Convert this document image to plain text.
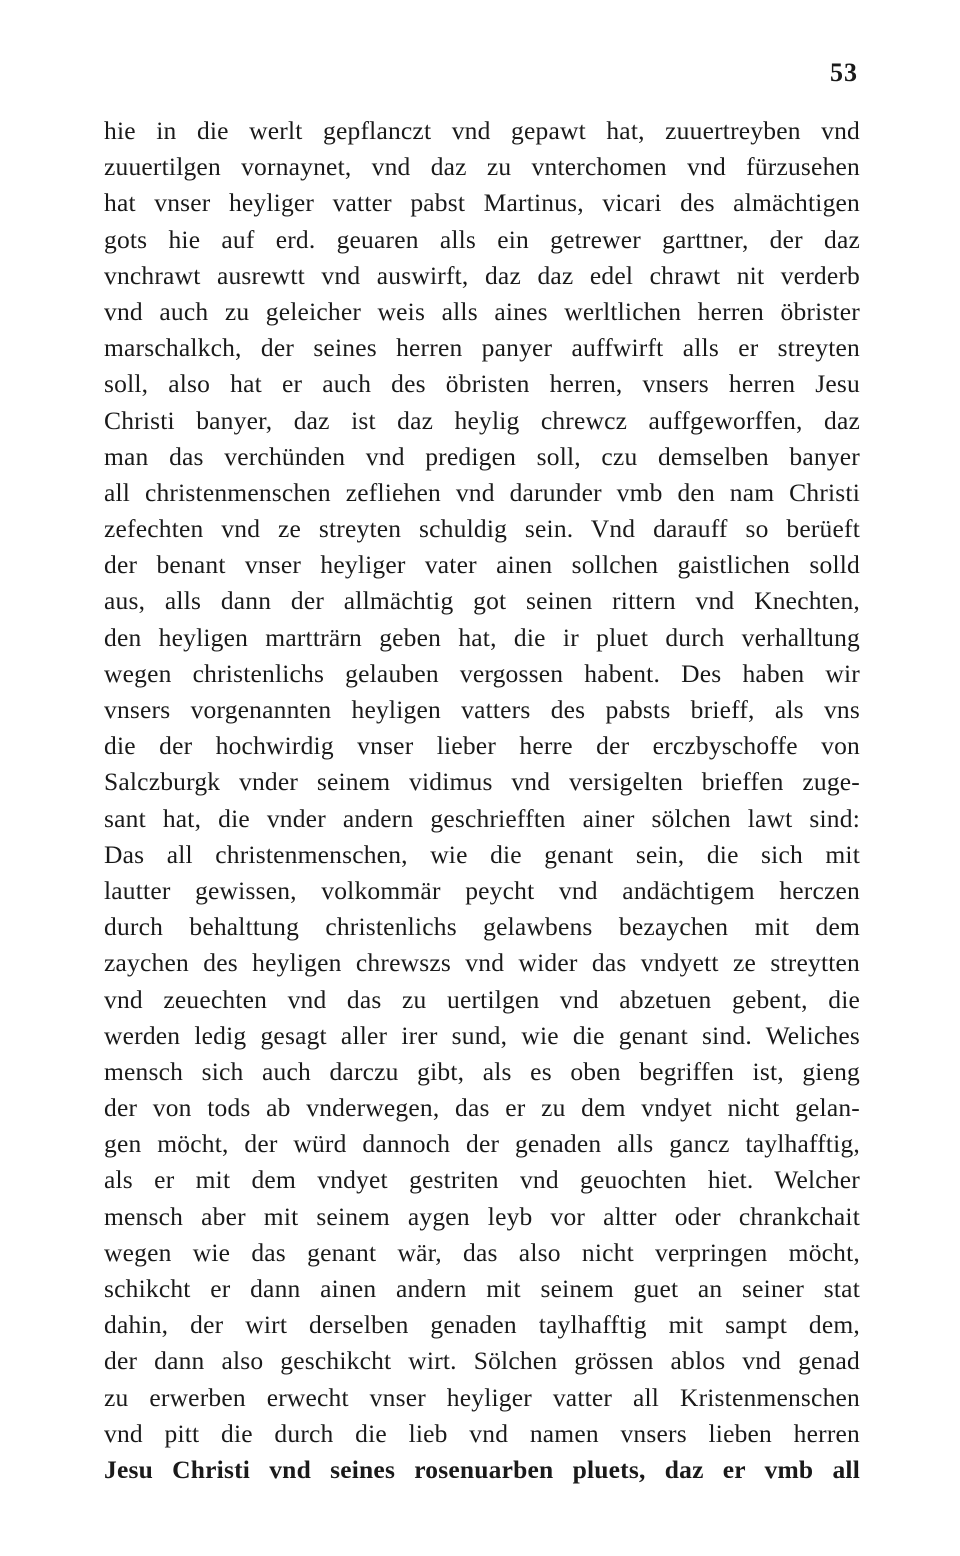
53
hie in die werlt gepflanczt vnd gepawt hat, zuuertreyben vnd
zuuertilgen vornaynet, vnd daz zu vnterchomen vnd fürzusehen
hat vnser heyliger vatter pabst Martinus, vicari des almächtigen
gots hie auf erd. geuaren alls ein getrewer garttner, der daz
vnchrawt ausrewtt vnd auswirft, daz daz edel chrawt nit verderb
vnd auch zu geleicher weis alls aines werltlichen herren öbrister
marschalkch, der seines herren panyer auffwirft alls er streyten
soll, also hat er auch des öbristen herren, vnsers herren Jesu
Christi banyer, daz ist daz heylig chrewcz auffgeworffen, daz
man das verchünden vnd predigen soll, czu demselben banyer
all christenmenschen zefliehen vnd darunder vmb den nam Christi
zefechten vnd ze streyten schuldig sein. Vnd darauff so berüeft
der benant vnser heyliger vater ainen sollchen gaistlichen solld
aus, alls dann der allmächtig got seinen rittern vnd Knechten,
den heyligen martträrn geben hat, die ir pluet durch verhalltung
wegen christenlichs gelauben vergossen habent. Des haben wir
vnsers vorgenannten heyligen vatters des pabsts brieff, als vns
die der hochwirdig vnser lieber herre der erczbyschoffe von
Salczburgk vnder seinem vidimus vnd versigelten brieffen zuge-
sant hat, die vnder andern geschriefften ainer sölchen lawt sind:
Das all christenmenschen, wie die genant sein, die sich mit
lautter gewissen, volkommär peycht vnd andächtigem herczen
durch behalttung christenlichs gelawbens bezaychen mit dem
zaychen des heyligen chrewszs vnd wider das vndyett ze streytten
vnd zeuechten vnd das zu uertilgen vnd abzetuen gebent, die
werden ledig gesagt aller irer sund, wie die genant sind. Weliches
mensch sich auch darczu gibt, als es oben begriffen ist, gieng
der von tods ab vnderwegen, das er zu dem vndyet nicht gelan-
gen möcht, der würd dannoch der genaden alls gancz taylhafftig,
als er mit dem vndyet gestriten vnd geuochten hiet. Welcher
mensch aber mit seinem aygen leyb vor altter oder chrankchait
wegen wie das genant wär, das also nicht verpringen möcht,
schikcht er dann ainen andern mit seinem guet an seiner stat
dahin, der wirt derselben genaden taylhafftig mit sampt dem,
der dann also geschikcht wirt. Sölchen grössen ablos vnd genad
zu erwerben erwecht vnser heyliger vatter all Kristenmenschen
vnd pitt die durch die lieb vnd namen vnsers lieben herren
Jesu Christi vnd seines rosenuarben pluets, daz er vmb all
